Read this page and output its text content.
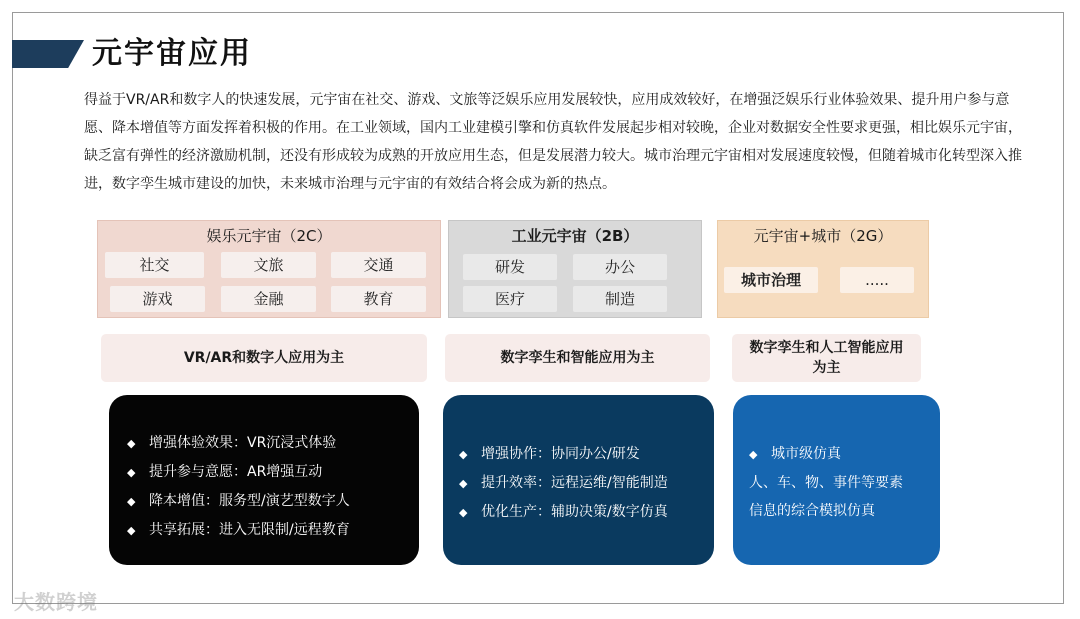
元宇宙应用

得益于VR/AR和数字人的快速发展，元宇宙在社交、游戏、文旅等泛娱乐应用发展较快，应用成效较好，在增强泛娱乐行业体验效果、提升用户参与意愿、降本增值等方面发挥着积极的作用。在工业领域，国内工业建模引擎和仿真软件发展起步相对较晚，企业对数据安全性要求更强，相比娱乐元宇宙，缺乏富有弹性的经济激励机制，还没有形成较为成熟的开放应用生态，但是发展潜力较大。城市治理元宇宙相对发展速度较慢，但随着城市化转型深入推进，数字孪生城市建设的加快，未来城市治理与元宇宙的有效结合将会成为新的热点。

娱乐元宇宙（2C）
社交	文旅	交通
游戏	金融	教育
工业元宇宙（2B）
研发	办公
医疗	制造
元宇宙+城市（2G）
城市治理	.....
VR/AR和数字人应用为主	数字孪生和智能应用为主
数字孪生和人工智能应用为主
◆ 增强体验效果：VR沉浸式体验
◆ 提升参与意愿：AR增强互动
◆ 降本增值：服务型/演艺型数字人
◆ 共享拓展：进入无限制/远程教育
◆ 增强协作：协同办公/研发
◆ 提升效率：远程运维/智能制造
◆ 优化生产：辅助决策/数字仿真
◆ 城市级仿真
人、车、物、事件等要素
信息的综合模拟仿真
大数跨境
